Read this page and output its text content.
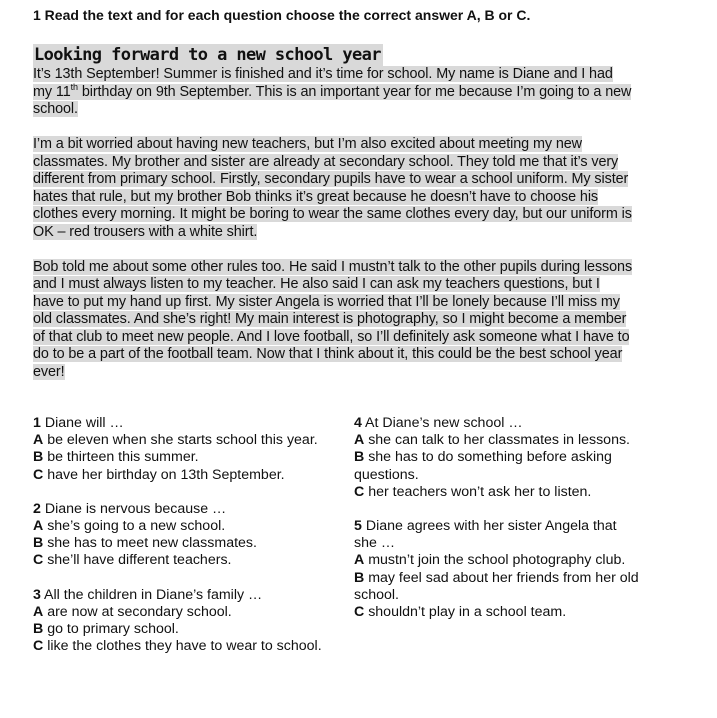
1 Read the text and for each question choose the correct answer A, B or C.

Looking forward to a new school year

It’s 13th September! Summer is finished and it’s time for school. My name is Diane and I had my 11th birthday on 9th September. This is an important year for me because I’m going to a new school.

I’m a bit worried about having new teachers, but I’m also excited about meeting my new classmates. My brother and sister are already at secondary school. They told me that it’s very different from primary school. Firstly, secondary pupils have to wear a school uniform. My sister hates that rule, but my brother Bob thinks it’s great because he doesn’t have to choose his clothes every morning. It might be boring to wear the same clothes every day, but our uniform is OK – red trousers with a white shirt.

Bob told me about some other rules too. He said I mustn’t talk to the other pupils during lessons and I must always listen to my teacher. He also said I can ask my teachers questions, but I have to put my hand up first. My sister Angela is worried that I’ll be lonely because I’ll miss my old classmates. And she’s right! My main interest is photography, so I might become a member of that club to meet new people. And I love football, so I’ll definitely ask someone what I have to do to be a part of the football team. Now that I think about it, this could be the best school year ever!

1 Diane will …

A be eleven when she starts school this year.

B be thirteen this summer.

C have her birthday on 13th September.

2 Diane is nervous because …

A she’s going to a new school.

B she has to meet new classmates.

C she’ll have different teachers.

3 All the children in Diane’s family …

A are now at secondary school.

B go to primary school.

C like the clothes they have to wear to school.

4 At Diane’s new school …

A she can talk to her classmates in lessons.

B she has to do something before asking questions.

C her teachers won’t ask her to listen.

5 Diane agrees with her sister Angela that she …

A mustn’t join the school photography club.

B may feel sad about her friends from her old school.

C shouldn’t play in a school team.
